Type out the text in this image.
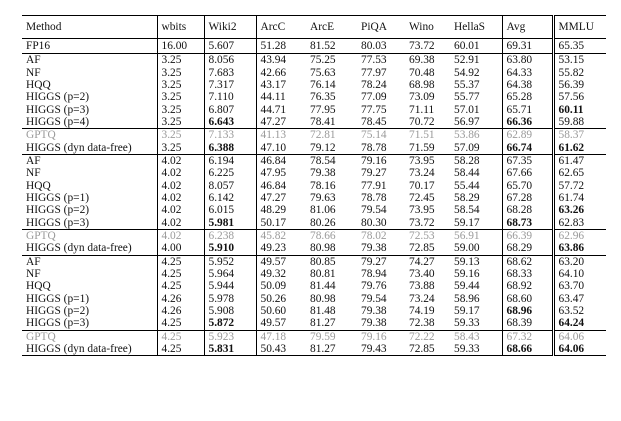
Method	wbits	Wiki2	ArcC	ArcE	PiQA	Wino	HellaS	Avg	MMLU
FP16	16.00	5.607	51.28	81.52	80.03	73.72	60.01	69.31	65.35
AF	3.25	8.056	43.94	75.25	77.53	69.38	52.91	63.80	53.15
NF	3.25	7.683	42.66	75.63	77.97	70.48	54.92	64.33	55.82
HQQ	3.25	7.317	43.17	76.14	78.24	68.98	55.37	64.38	56.39
HIGGS (p=2)	3.25	7.110	44.11	76.35	77.09	73.09	55.77	65.28	57.56
HIGGS (p=3)	3.25	6.807	44.71	77.95	77.75	71.11	57.01	65.71	60.11
HIGGS (p=4)	3.25	6.643	47.27	78.41	78.45	70.72	56.97	66.36	59.88
GPTQ	3.25	7.133	41.13	72.81	75.14	71.51	53.86	62.89	58.37
HIGGS (dyn data-free)	3.25	6.388	47.10	79.12	78.78	71.59	57.09	66.74	61.62
AF	4.02	6.194	46.84	78.54	79.16	73.95	58.28	67.35	61.47
NF	4.02	6.225	47.95	79.38	79.27	73.24	58.44	67.66	62.65
HQQ	4.02	8.057	46.84	78.16	77.91	70.17	55.44	65.70	57.72
HIGGS (p=1)	4.02	6.142	47.27	79.63	78.78	72.45	58.29	67.28	61.74
HIGGS (p=2)	4.02	6.015	48.29	81.06	79.54	73.95	58.54	68.28	63.26
HIGGS (p=3)	4.02	5.981	50.17	80.26	80.30	73.72	59.17	68.73	62.83
GPTQ	4.02	6.238	45.82	78.66	78.02	72.53	56.91	66.39	62.96
HIGGS (dyn data-free)	4.00	5.910	49.23	80.98	79.38	72.85	59.00	68.29	63.86
AF	4.25	5.952	49.57	80.85	79.27	74.27	59.13	68.62	63.20
NF	4.25	5.964	49.32	80.81	78.94	73.40	59.16	68.33	64.10
HQQ	4.25	5.944	50.09	81.44	79.76	73.88	59.44	68.92	63.70
HIGGS (p=1)	4.26	5.978	50.26	80.98	79.54	73.24	58.96	68.60	63.47
HIGGS (p=2)	4.26	5.908	50.60	81.48	79.38	74.19	59.17	68.96	63.52
HIGGS (p=3)	4.25	5.872	49.57	81.27	79.38	72.38	59.33	68.39	64.24
GPTQ	4.25	5.923	47.18	79.59	79.16	72.22	58.43	67.32	64.06
HIGGS (dyn data-free)	4.25	5.831	50.43	81.27	79.43	72.85	59.33	68.66	64.06
